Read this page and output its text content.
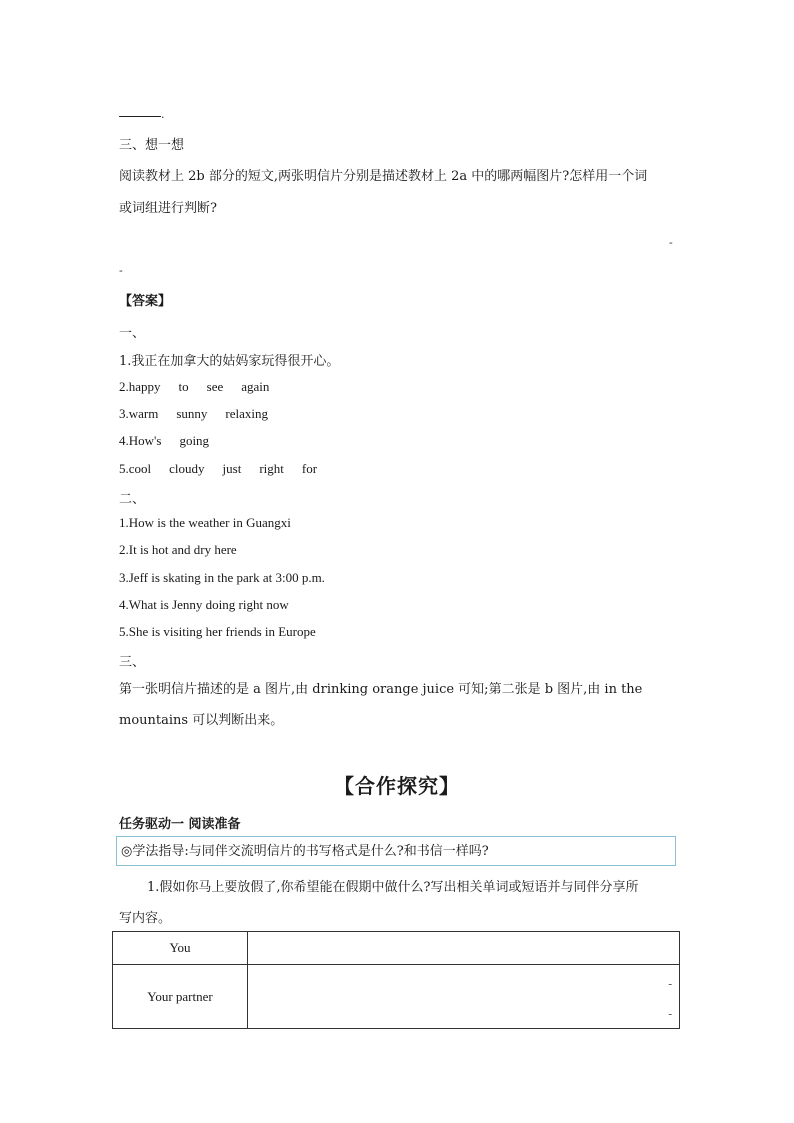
.
三、想一想
阅读教材上 2b 部分的短文,两张明信片分别是描述教材上 2a 中的哪两幅图片?怎样用一个词
或词组进行判断?
-
-
【答案】
一、
1.我正在加拿大的姑妈家玩得很开心。
2.happy to see again
3.warm sunny relaxing
4.How's going
5.cool cloudy just right for
二、
1.How is the weather in Guangxi
2.It is hot and dry here
3.Jeff is skating in the park at 3:00 p.m.
4.What is Jenny doing right now
5.She is visiting her friends in Europe
三、
第一张明信片描述的是 a 图片,由 drinking orange juice 可知;第二张是 b 图片,由 in the
mountains 可以判断出来。
【合作探究】
任务驱动一 阅读准备
◎学法指导:与同伴交流明信片的书写格式是什么?和书信一样吗?
1.假如你马上要放假了,你希望能在假期中做什么?写出相关单词或短语并与同伴分享所
写内容。
You	
Your partner	-
-
